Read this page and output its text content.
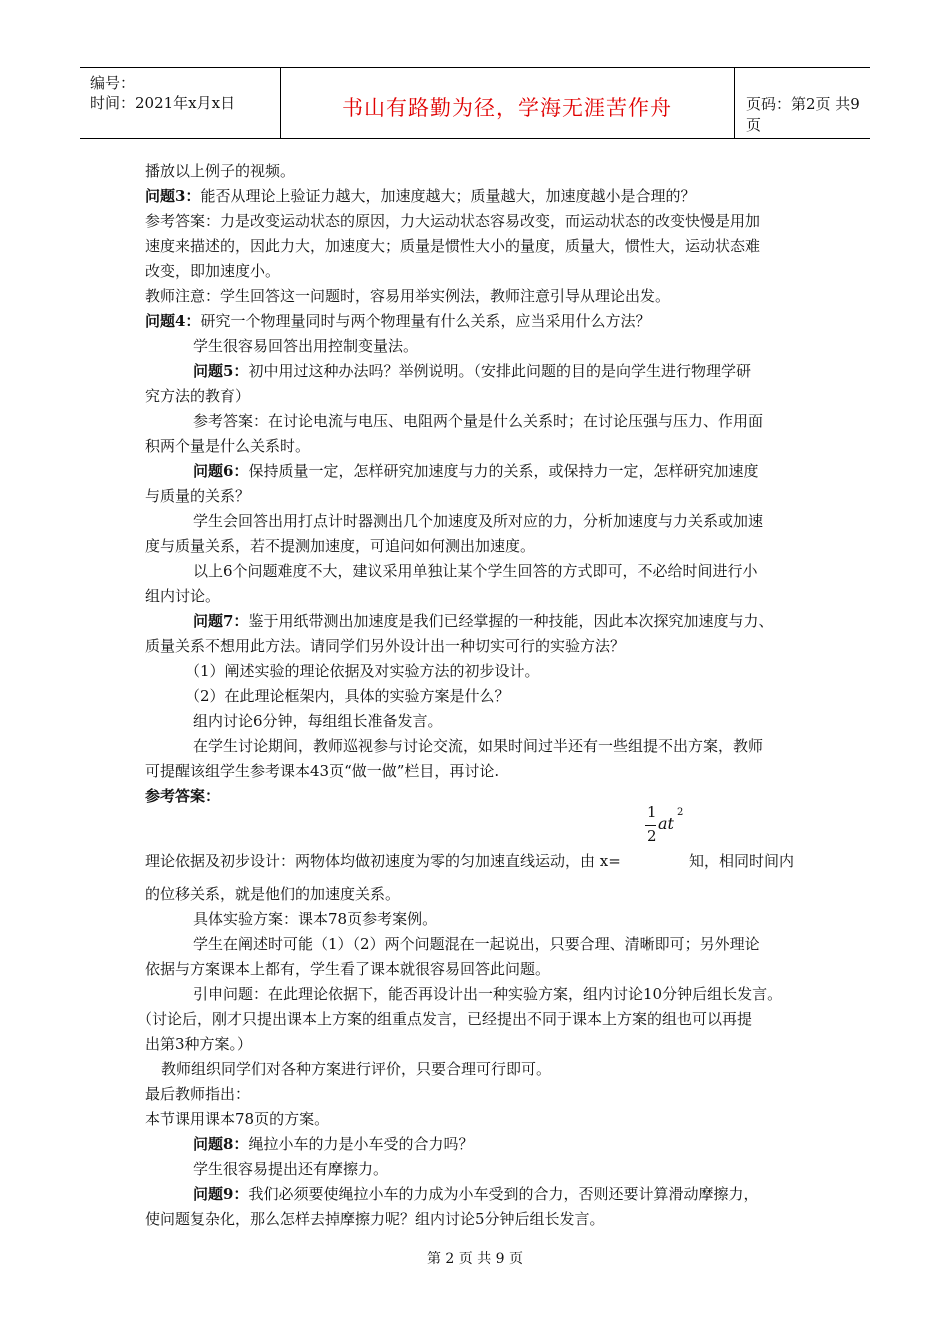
编号：
时间：2021年x月x日	书山有路勤为径，学海无涯苦作舟	页码：第2页 共9页
播放以上例子的视频。
问题3：能否从理论上验证力越大，加速度越大；质量越大，加速度越小是合理的？
参考答案：力是改变运动状态的原因，力大运动状态容易改变，而运动状态的改变快慢是用加
速度来描述的，因此力大，加速度大；质量是惯性大小的量度，质量大，惯性大，运动状态难
改变，即加速度小。
教师注意：学生回答这一问题时，容易用举实例法，教师注意引导从理论出发。
问题4：研究一个物理量同时与两个物理量有什么关系，应当采用什么方法？
学生很容易回答出用控制变量法。
问题5：初中用过这种办法吗？举例说明。（安排此问题的目的是向学生进行物理学研
究方法的教育）
参考答案：在讨论电流与电压、电阻两个量是什么关系时；在讨论压强与压力、作用面
积两个量是什么关系时。
问题6：保持质量一定，怎样研究加速度与力的关系，或保持力一定，怎样研究加速度
与质量的关系？
学生会回答出用打点计时器测出几个加速度及所对应的力，分析加速度与力关系或加速
度与质量关系，若不提测加速度，可追问如何测出加速度。
以上6个问题难度不大，建议采用单独让某个学生回答的方式即可，不必给时间进行小
组内讨论。
问题7：鉴于用纸带测出加速度是我们已经掌握的一种技能，因此本次探究加速度与力、
质量关系不想用此方法。请同学们另外设计出一种切实可行的实验方法？
（1）阐述实验的理论依据及对实验方法的初步设计。
（2）在此理论框架内，具体的实验方案是什么？
组内讨论6分钟，每组组长准备发言。
在学生讨论期间，教师巡视参与讨论交流，如果时间过半还有一些组提不出方案，教师
可提醒该组学生参考课本43页“做一做”栏目，再讨论.
参考答案：
1
2
at
2
理论依据及初步设计：两物体均做初速度为零的匀加速直线运动，由 x=	知，相同时间内
的位移关系，就是他们的加速度关系。
具体实验方案：课本78页参考案例。
学生在阐述时可能（1）（2）两个问题混在一起说出，只要合理、清晰即可；另外理论
依据与方案课本上都有，学生看了课本就很容易回答此问题。
引申问题：在此理论依据下，能否再设计出一种实验方案，组内讨论10分钟后组长发言。
（讨论后，刚才只提出课本上方案的组重点发言，已经提出不同于课本上方案的组也可以再提
出第3种方案。）
教师组织同学们对各种方案进行评价，只要合理可行即可。
最后教师指出：
本节课用课本78页的方案。
问题8：绳拉小车的力是小车受的合力吗？
学生很容易提出还有摩擦力。
问题9：我们必须要使绳拉小车的力成为小车受到的合力，否则还要计算滑动摩擦力，
使问题复杂化，那么怎样去掉摩擦力呢？组内讨论5分钟后组长发言。
第 2 页 共 9 页
